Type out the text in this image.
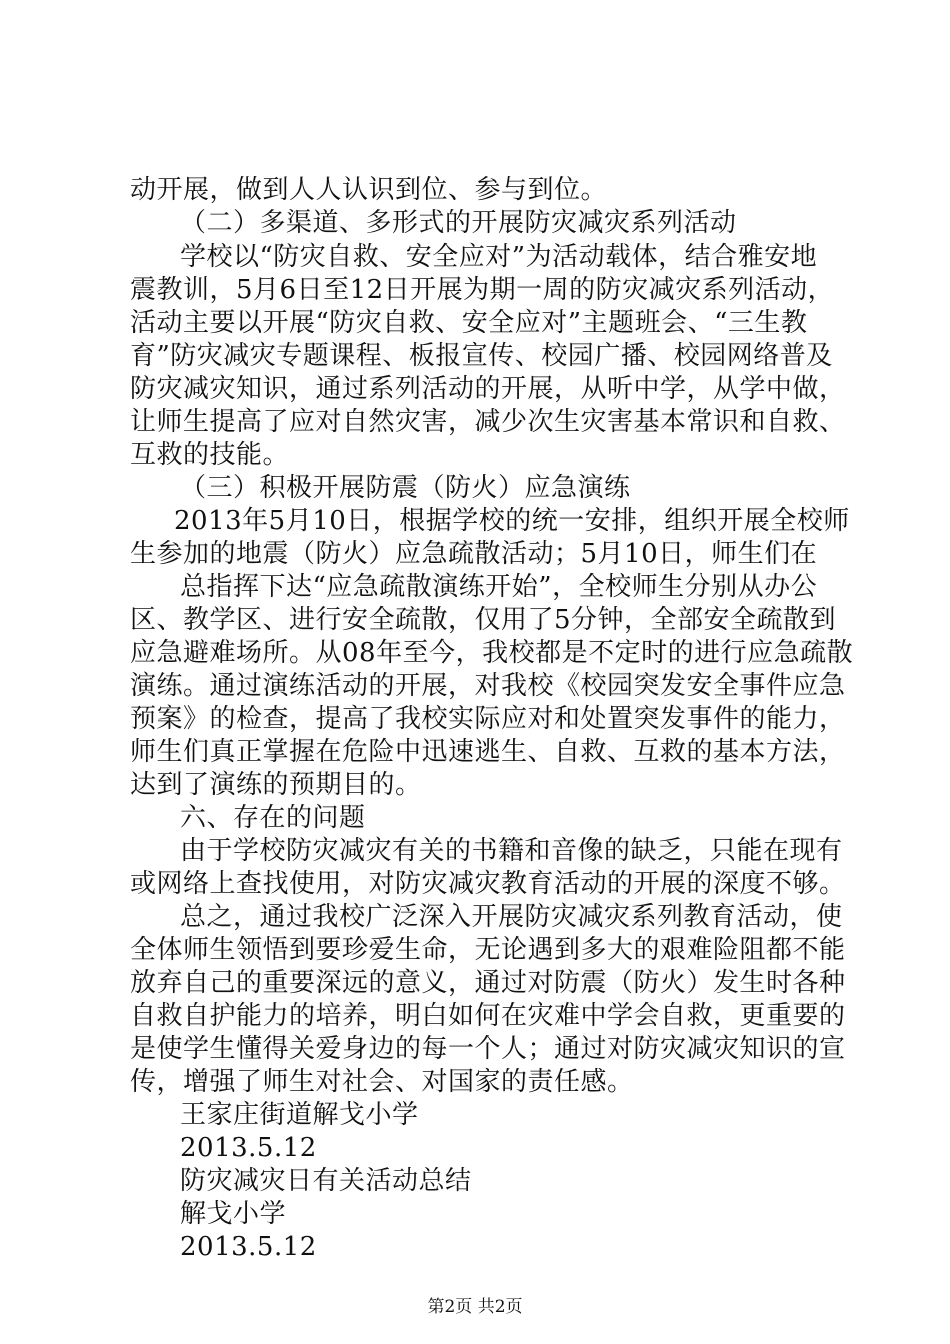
动开展，做到人人认识到位、参与到位。
（二）多渠道、多形式的开展防灾减灾系列活动
学校以“防灾自救、安全应对”为活动载体，结合雅安地
震教训，5月6日至12日开展为期一周的防灾减灾系列活动，
活动主要以开展“防灾自救、安全应对”主题班会、“三生教
育”防灾减灾专题课程、板报宣传、校园广播、校园网络普及
防灾减灾知识，通过系列活动的开展，从听中学，从学中做，
让师生提高了应对自然灾害，减少次生灾害基本常识和自救、
互救的技能。
（三）积极开展防震（防火）应急演练
2013年5月10日，根据学校的统一安排，组织开展全校师
生参加的地震（防火）应急疏散活动；5月10日，师生们在
总指挥下达“应急疏散演练开始”，全校师生分别从办公
区、教学区、进行安全疏散，仅用了5分钟，全部安全疏散到
应急避难场所。从08年至今，我校都是不定时的进行应急疏散
演练。通过演练活动的开展，对我校《校园突发安全事件应急
预案》的检查，提高了我校实际应对和处置突发事件的能力，
师生们真正掌握在危险中迅速逃生、自救、互救的基本方法，
达到了演练的预期目的。
六、存在的问题
由于学校防灾减灾有关的书籍和音像的缺乏，只能在现有
或网络上查找使用，对防灾减灾教育活动的开展的深度不够。
总之，通过我校广泛深入开展防灾减灾系列教育活动，使
全体师生领悟到要珍爱生命，无论遇到多大的艰难险阻都不能
放弃自己的重要深远的意义，通过对防震（防火）发生时各种
自救自护能力的培养，明白如何在灾难中学会自救，更重要的
是使学生懂得关爱身边的每一个人；通过对防灾减灾知识的宣
传，增强了师生对社会、对国家的责任感。
王家庄街道解戈小学
2013.5.12
防灾减灾日有关活动总结
解戈小学
2013.5.12
第2页 共2页
